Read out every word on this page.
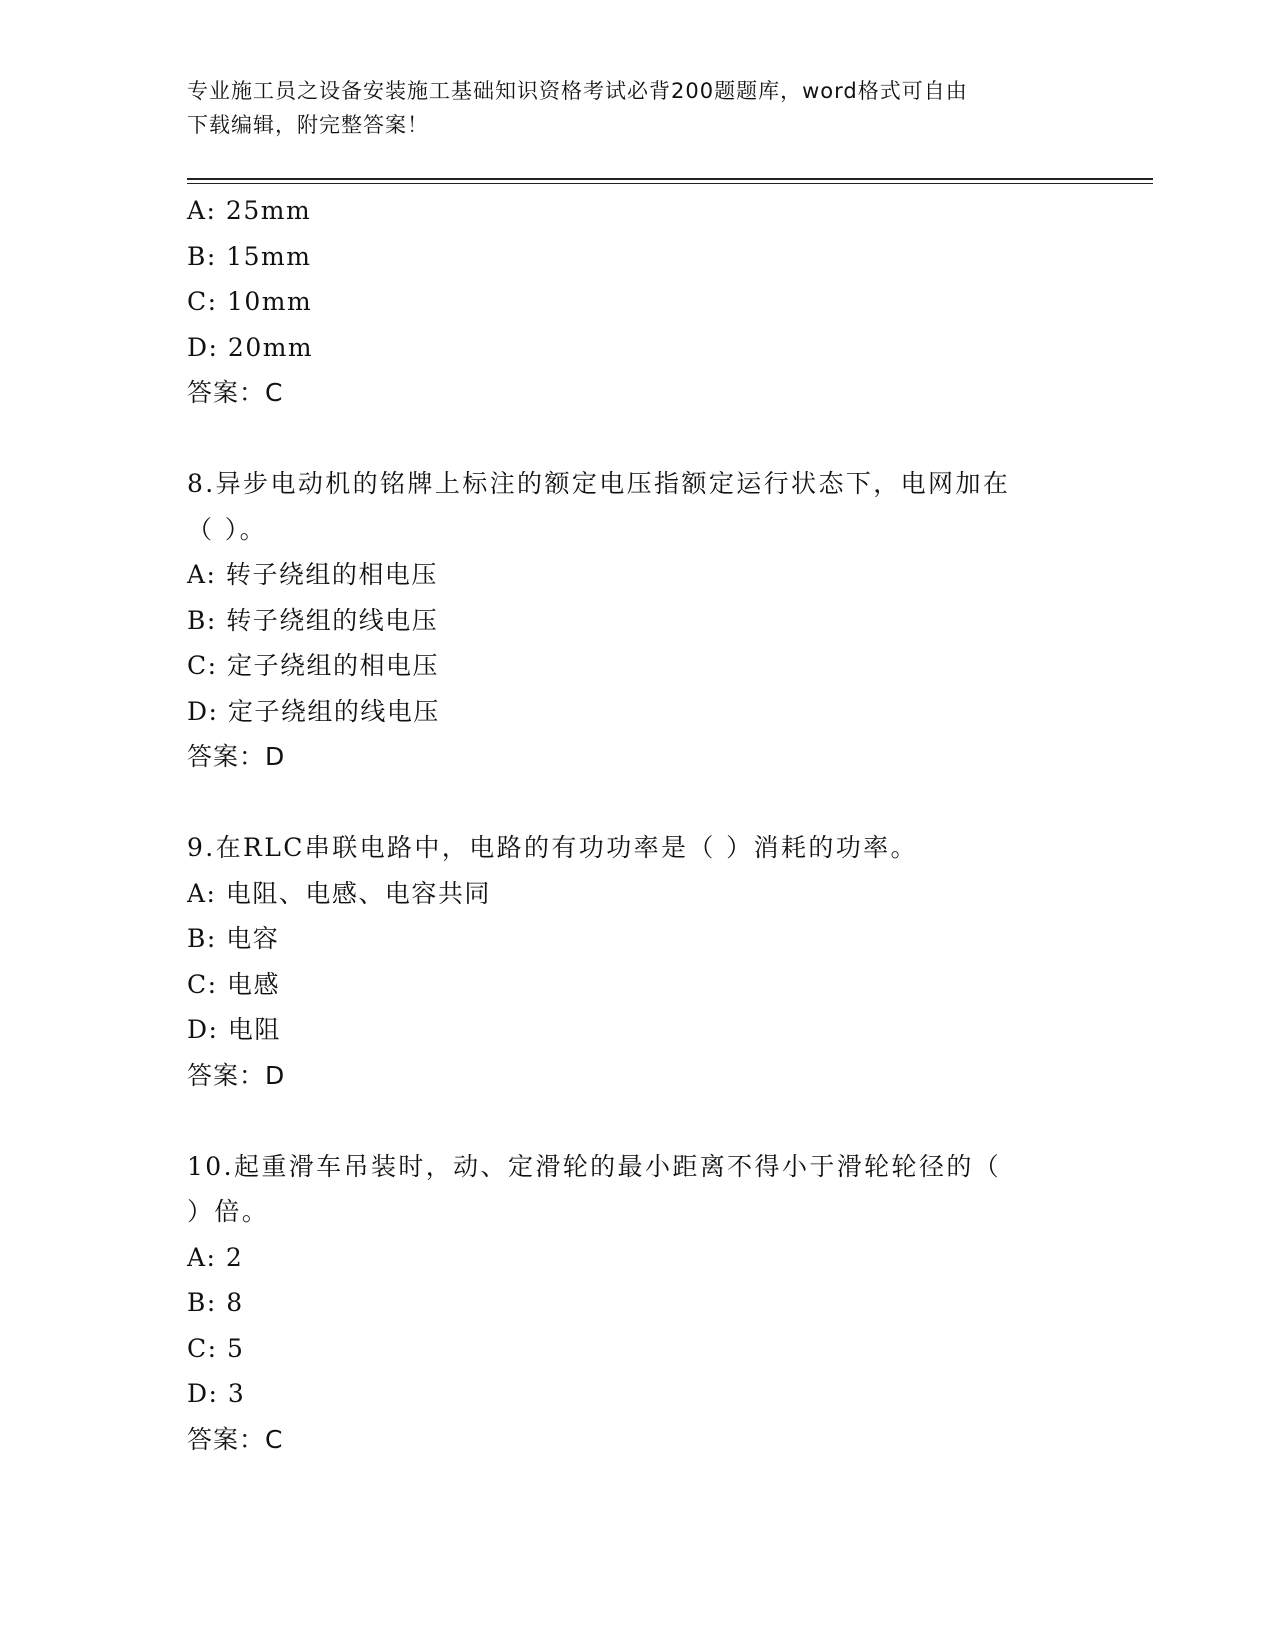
专业施工员之设备安装施工基础知识资格考试必背200题题库，word格式可自由
下载编辑，附完整答案！
A: 25mm
B: 15mm
C: 10mm
D: 20mm
答案：C
8.异步电动机的铭牌上标注的额定电压指额定运行状态下，电网加在
（ ）。
A: 转子绕组的相电压
B: 转子绕组的线电压
C: 定子绕组的相电压
D: 定子绕组的线电压
答案：D
9.在RLC串联电路中，电路的有功功率是（ ）消耗的功率。
A: 电阻、电感、电容共同
B: 电容
C: 电感
D: 电阻
答案：D
10.起重滑车吊装时，动、定滑轮的最小距离不得小于滑轮轮径的（
）倍。
A: 2
B: 8
C: 5
D: 3
答案：C
